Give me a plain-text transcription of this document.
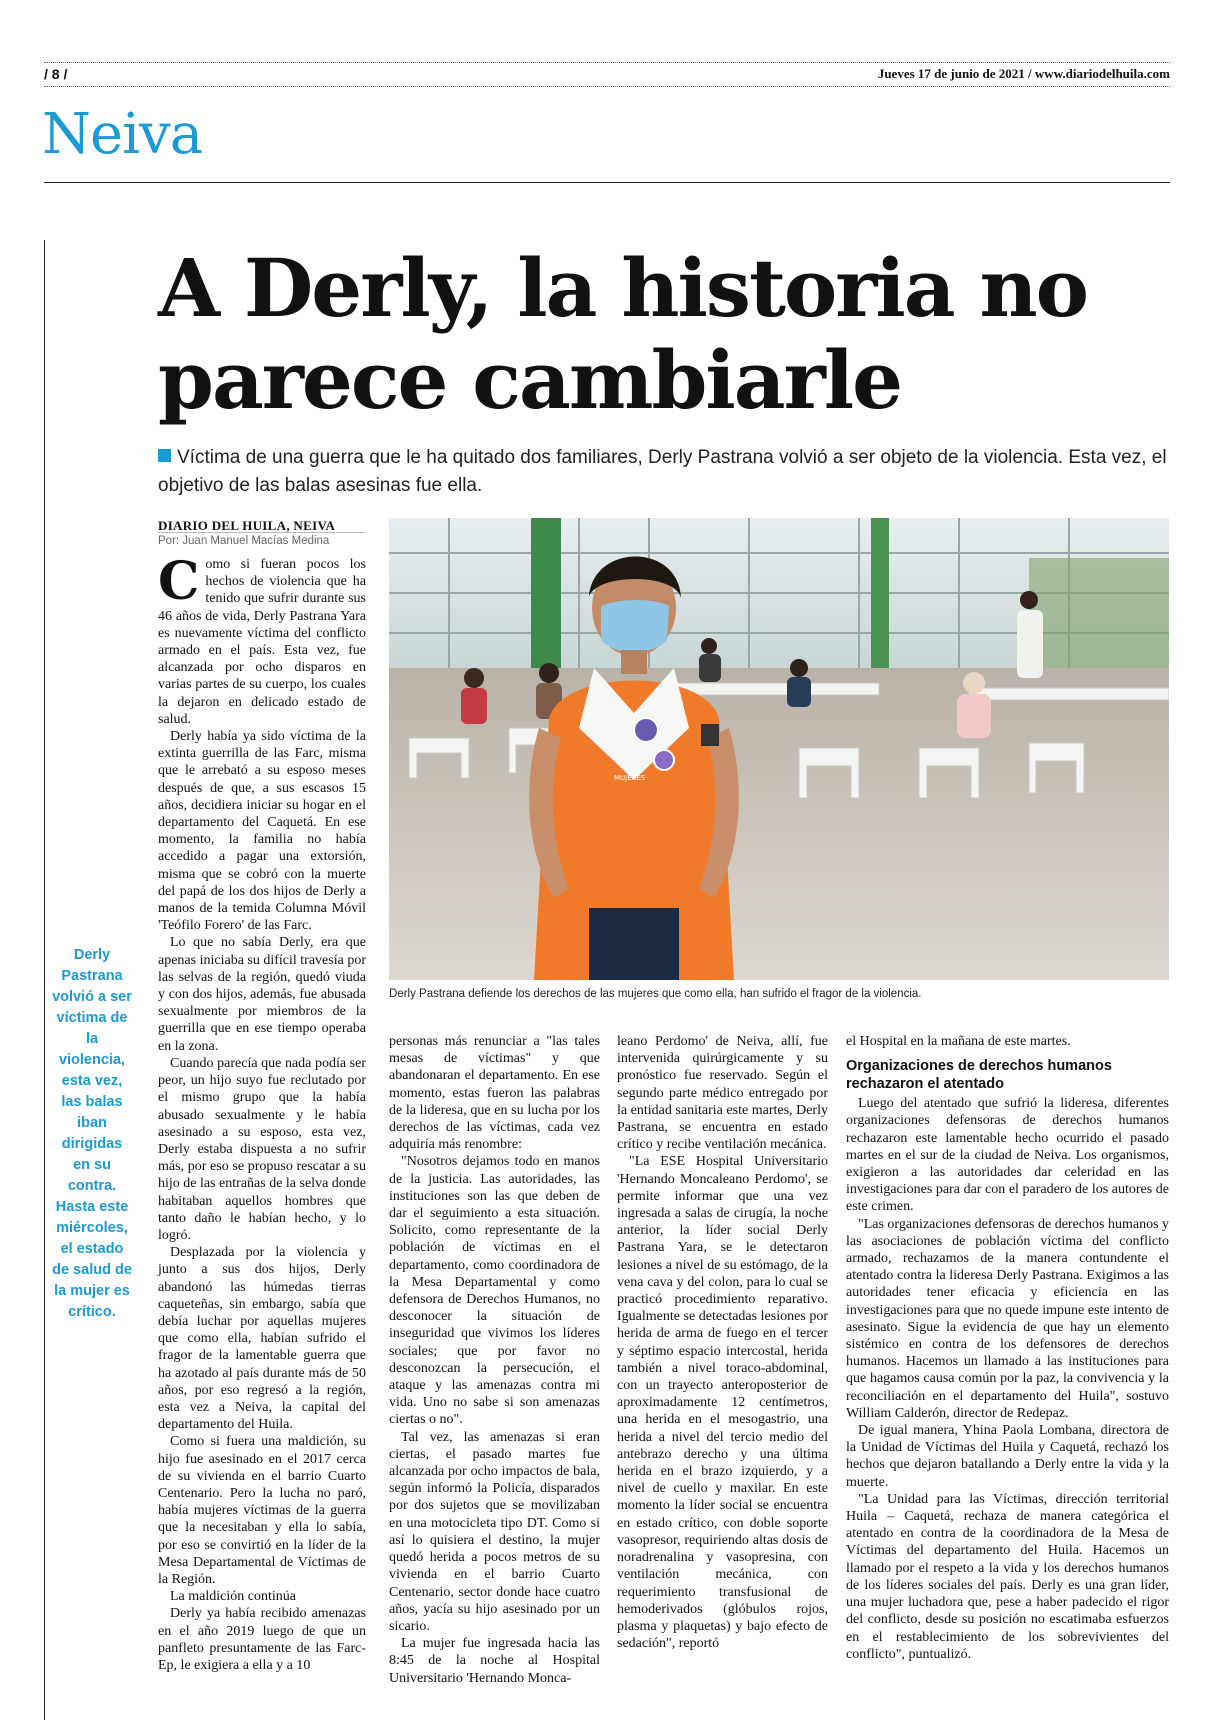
/ 8 /	Jueves 17 de junio de 2021 / www.diariodelhuila.com
Neiva
A Derly, la historia no parece cambiarle
Víctima de una guerra que le ha quitado dos familiares, Derly Pastrana volvió a ser objeto de la violencia. Esta vez, el objetivo de las balas asesinas fue ella.
DIARIO DEL HUILA, NEIVA
Por: Juan Manuel Macías Medina
MUJERES
Derly Pastrana defiende los derechos de las mujeres que como ella, han sufrido el fragor de la violencia.
Derly Pastrana volvió a ser víctima de la violencia, esta vez, las balas iban dirigidas en su contra. Hasta este miércoles, el estado de salud de la mujer es crítico.

Como si fueran pocos los hechos de violencia que ha tenido que sufrir durante sus 46 años de vida, Derly Pastrana Yara es nuevamente víctima del conflicto armado en el país. Esta vez, fue alcanzada por ocho disparos en varias partes de su cuerpo, los cuales la dejaron en delicado estado de salud.

Derly había ya sido víctima de la extinta guerrilla de las Farc, misma que le arrebató a su esposo meses después de que, a sus escasos 15 años, decidiera iniciar su hogar en el departamento del Caquetá. En ese momento, la familia no había accedido a pagar una extorsión, misma que se cobró con la muerte del papá de los dos hijos de Derly a manos de la temida Columna Móvil 'Teófilo Forero' de las Farc.

Lo que no sabía Derly, era que apenas iniciaba su difícil travesía por las selvas de la región, quedó viuda y con dos hijos, además, fue abusada sexualmente por miembros de la guerrilla que en ese tiempo operaba en la zona.

Cuando parecía que nada podía ser peor, un hijo suyo fue reclutado por el mismo grupo que la había abusado sexualmente y le había asesinado a su esposo, esta vez, Derly estaba dispuesta a no sufrir más, por eso se propuso rescatar a su hijo de las entrañas de la selva donde habitaban aquellos hombres que tanto daño le habían hecho, y lo logró.

Desplazada por la violencia y junto a sus dos hijos, Derly abandonó las húmedas tierras caqueteñas, sin embargo, sabía que debía luchar por aquellas mujeres que como ella, habían sufrido el fragor de la lamentable guerra que ha azotado al país durante más de 50 años, por eso regresó a la región, esta vez a Neiva, la capital del departamento del Huila.

Como si fuera una maldición, su hijo fue asesinado en el 2017 cerca de su vivienda en el barrio Cuarto Centenario. Pero la lucha no paró, había mujeres víctimas de la guerra que la necesitaban y ella lo sabía, por eso se convirtió en la líder de la Mesa Departamental de Víctimas de la Región.

La maldición continúa

Derly ya había recibido amenazas en el año 2019 luego de que un panfleto presuntamente de las Farc-Ep, le exigiera a ella y a 10

personas más renunciar a "las tales mesas de víctimas" y que abandonaran el departamento. En ese momento, estas fueron las palabras de la lideresa, que en su lucha por los derechos de las víctimas, cada vez adquiría más renombre:

"Nosotros dejamos todo en manos de la justicia. Las autoridades, las instituciones son las que deben de dar el seguimiento a esta situación. Solicito, como representante de la población de víctimas en el departamento, como coordinadora de la Mesa Departamental y como defensora de Derechos Humanos, no desconocer la situación de inseguridad que vivimos los líderes sociales; que por favor no desconozcan la persecución, el ataque y las amenazas contra mi vida. Uno no sabe si son amenazas ciertas o no".

Tal vez, las amenazas si eran ciertas, el pasado martes fue alcanzada por ocho impactos de bala, según informó la Policía, disparados por dos sujetos que se movilizaban en una motocicleta tipo DT. Como si así lo quisiera el destino, la mujer quedó herida a pocos metros de su vivienda en el barrio Cuarto Centenario, sector donde hace cuatro años, yacía su hijo asesinado por un sicario.

La mujer fue ingresada hacia las 8:45 de la noche al Hospital Universitario 'Hernando Monca-

leano Perdomo' de Neiva, allí, fue intervenida quirúrgicamente y su pronóstico fue reservado. Según el segundo parte médico entregado por la entidad sanitaria este martes, Derly Pastrana, se encuentra en estado crítico y recibe ventilación mecánica.

"La ESE Hospital Universitario 'Hernando Moncaleano Perdomo', se permite informar que una vez ingresada a salas de cirugía, la noche anterior, la líder social Derly Pastrana Yara, se le detectaron lesiones a nivel de su estómago, de la vena cava y del colon, para lo cual se practicó procedimiento reparativo. Igualmente se detectadas lesiones por herida de arma de fuego en el tercer y séptimo espacio intercostal, herida también a nivel toraco-abdominal, con un trayecto anteroposterior de aproximadamente 12 centímetros, una herida en el mesogastrio, una herida a nivel del tercio medio del antebrazo derecho y una última herida en el brazo izquierdo, y a nivel de cuello y maxilar. En este momento la líder social se encuentra en estado crítico, con doble soporte vasopresor, requiriendo altas dosis de noradrenalina y vasopresina, con ventilación mecánica, con requerimiento transfusional de hemoderivados (glóbulos rojos, plasma y plaquetas) y bajo efecto de sedación", reportó

el Hospital en la mañana de este martes.

Organizaciones de derechos humanos rechazaron el atentado

Luego del atentado que sufrió la lideresa, diferentes organizaciones defensoras de derechos humanos rechazaron este lamentable hecho ocurrido el pasado martes en el sur de la ciudad de Neiva. Los organismos, exigieron a las autoridades dar celeridad en las investigaciones para dar con el paradero de los autores de este crimen.

"Las organizaciones defensoras de derechos humanos y las asociaciones de población víctima del conflicto armado, rechazamos de la manera contundente el atentado contra la lideresa Derly Pastrana. Exigimos a las autoridades tener eficacia y eficiencia en las investigaciones para que no quede impune este intento de asesinato. Sigue la evidencia de que hay un elemento sistémico en contra de los defensores de derechos humanos. Hacemos un llamado a las instituciones para que hagamos causa común por la paz, la convivencia y la reconciliación en el departamento del Huila", sostuvo William Calderón, director de Redepaz.

De igual manera, Yhina Paola Lombana, directora de la Unidad de Víctimas del Huila y Caquetá, rechazó los hechos que dejaron batallando a Derly entre la vida y la muerte.

"La Unidad para las Víctimas, dirección territorial Huila – Caquetá, rechaza de manera categórica el atentado en contra de la coordinadora de la Mesa de Víctimas del departamento del Huila. Hacemos un llamado por el respeto a la vida y los derechos humanos de los líderes sociales del país. Derly es una gran líder, una mujer luchadora que, pese a haber padecido el rigor del conflicto, desde su posición no escatimaba esfuerzos en el restablecimiento de los sobrevivientes del conflicto", puntualizó.
